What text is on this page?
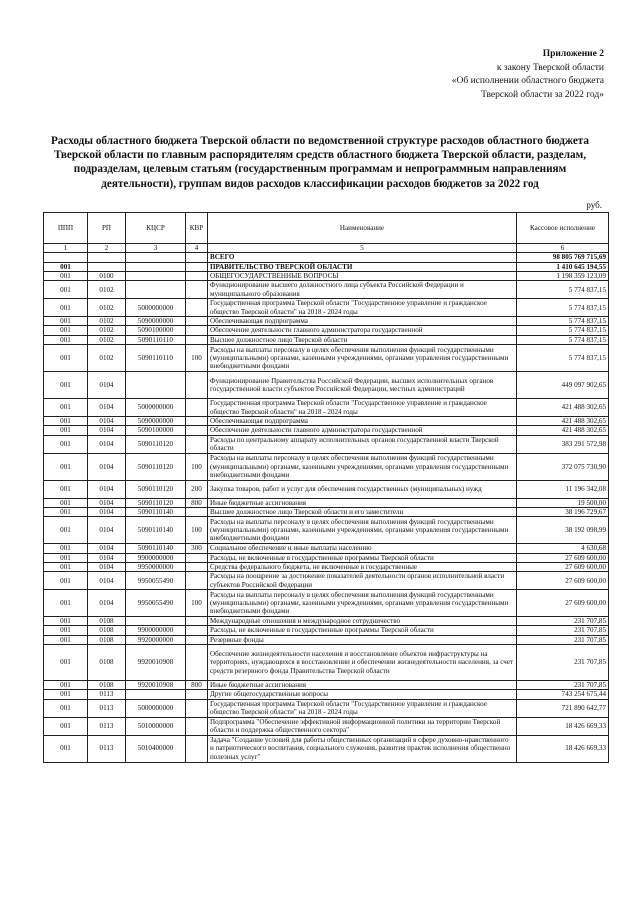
Приложение 2
к закону Тверской области
«Об исполнении областного бюджета
Тверской области за 2022 год»
Расходы областного бюджета Тверской области по ведомственной структуре расходов областного бюджета
Тверской области по главным распорядителям средств областного бюджета Тверской области, разделам,
подразделам, целевым статьям (государственным программам и непрограммным направлениям
деятельности), группам видов расходов классификации расходов бюджетов за 2022 год
руб.
ППП	РП	КЦСР	КВР	Наименование	Кассовое исполнение
1	2	3	4	5	6
				ВСЕГО	98 805 769 715,69
001				ПРАВИТЕЛЬСТВО ТВЕРСКОЙ ОБЛАСТИ	1 410 645 194,55
001	0100			ОБЩЕГОСУДАРСТВЕННЫЕ ВОПРОСЫ	1 198 359 123,09
001	0102			Функционирование высшего должностного лица субъекта Российской Федерации и муниципального образования	5 774 837,15
001	0102	5000000000		Государственная программа Тверской области "Государственное управление и гражданское общество Тверской области" на 2018 - 2024 годы	5 774 837,15
001	0102	5090000000		Обеспечивающая подпрограмма	5 774 837,15
001	0102	5090100000		Обеспечение деятельности главного администратора государственной	5 774 837,15
001	0102	5090110110		Высшее должностное лицо Тверской области	5 774 837,15
001	0102	5090110110	100	Расходы на выплаты персоналу в целях обеспечения выполнения функций государственными (муниципальными) органами, казенными учреждениями, органами управления государственными внебюджетными фондами	5 774 837,15
001	0104			Функционирование Правительства Российской Федерации, высших исполнительных органов государственной власти субъектов Российской Федерации, местных администраций	449 097 902,65
001	0104	5000000000		Государственная программа Тверской области "Государственное управление и гражданское общество Тверской области" на 2018 - 2024 годы	421 488 302,65
001	0104	5090000000		Обеспечивающая подпрограмма	421 488 302,65
001	0104	5090100000		Обеспечение деятельности главного администратора государственной	421 488 302,65
001	0104	5090110120		Расходы по центральному аппарату исполнительных органов государственной власти Тверской области	383 291 572,98
001	0104	5090110120	100	Расходы на выплаты персоналу в целях обеспечения выполнения функций государственными (муниципальными) органами, казенными учреждениями, органами управления государственными внебюджетными фондами	372 075 730,90
001	0104	5090110120	200	Закупка товаров, работ и услуг для обеспечения государственных (муниципальных) нужд	11 196 342,08
001	0104	5090110120	800	Иные бюджетные ассигнования	19 500,00
001	0104	5090110140		Высшее должностное лицо Тверской области и его заместители	38 196 729,67
001	0104	5090110140	100	Расходы на выплаты персоналу в целях обеспечения выполнения функций государственными (муниципальными) органами, казенными учреждениями, органами управления государственными внебюджетными фондами	38 192 098,99
001	0104	5090110140	300	Социальное обеспечение и иные выплаты населению	4 630,68
001	0104	9900000000		Расходы, не включенные в государственные программы Тверской области	27 609 600,00
001	0104	9950000000		Средства федерального бюджета, не включенные в государственные	27 609 600,00
001	0104	9950055490		Расходы на поощрение за достижение показателей деятельности органов исполнительной власти субъектов Российской Федерации	27 609 600,00
001	0104	9950055490	100	Расходы на выплаты персоналу в целях обеспечения выполнения функций государственными (муниципальными) органами, казенными учреждениями, органами управления государственными внебюджетными фондами	27 609 600,00
001	0108			Международные отношения и международное сотрудничество	231 707,85
001	0108	9900000000		Расходы, не включенные в государственные программы Тверской области	231 707,85
001	0108	9920000000		Резервные фонды	231 707,85
001	0108	9920010908		Обеспечение жизнедеятельности населения и восстановление объектов инфраструктуры на территориях, нуждающихся в восстановлении и обеспечении жизнедеятельности населения, за счет средств резервного фонда Правительства Тверской области	231 707,85
001	0108	9920010908	800	Иные бюджетные ассигнования	231 707,85
001	0113			Другие общегосударственные вопросы	743 254 675,44
001	0113	5000000000		Государственная программа Тверской области "Государственное управление и гражданское общество Тверской области" на 2018 - 2024 годы	721 890 642,77
001	0113	5010000000		Подпрограмма "Обеспечение эффективной информационной политики на территории Тверской области и поддержка общественного сектора"	18 426 669,33
001	0113	5010400000		Задача "Создание условий для работы общественных организаций в сфере духовно-нравственного и патриотического воспитания, социального служения, развития практик исполнения общественно полезных услуг"	18 426 669,33
